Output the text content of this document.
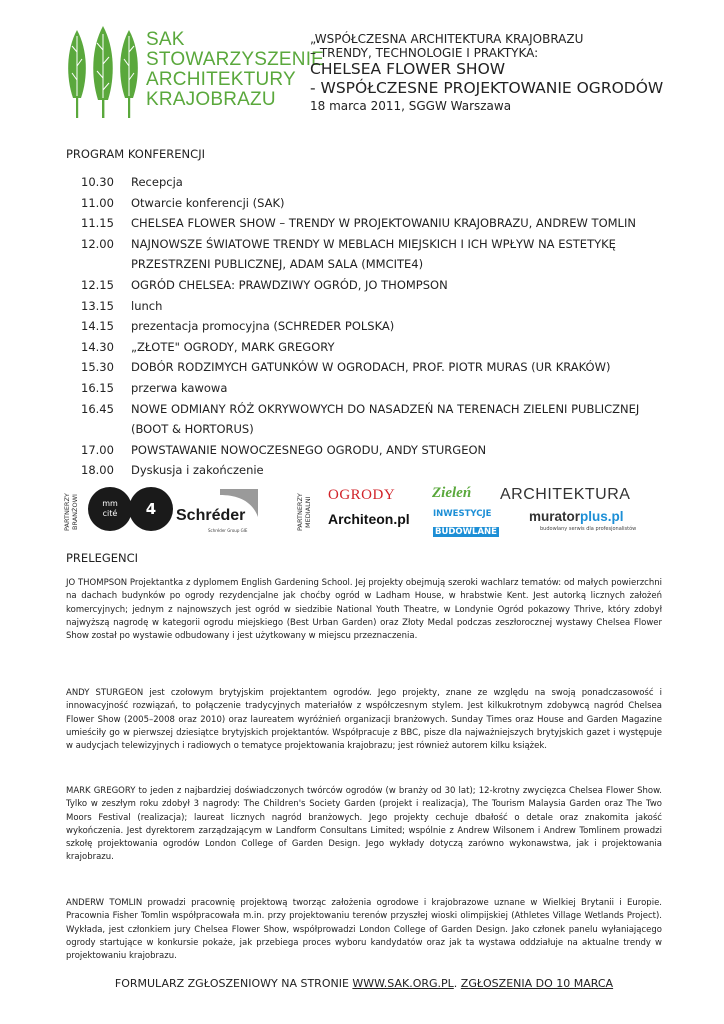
SAK
STOWARZYSZENIE
ARCHITEKTURY
KRAJOBRAZU
„WSPÓŁCZESNA ARCHITEKTURA KRAJOBRAZU
– TRENDY, TECHNOLOGIE I PRAKTYKA:
CHELSEA FLOWER SHOW
- WSPÓŁCZESNE PROJEKTOWANIE OGRODÓW
18 marca 2011, SGGW Warszawa
PROGRAM KONFERENCJI
10.30	Recepcja
11.00	Otwarcie konferencji (SAK)
11.15	CHELSEA FLOWER SHOW – TRENDY W PROJEKTOWANIU KRAJOBRAZU, ANDREW TOMLIN
12.00	NAJNOWSZE ŚWIATOWE TRENDY W MEBLACH MIEJSKICH I ICH WPŁYW NA ESTETYKĘ
PRZESTRZENI PUBLICZNEJ, ADAM SALA (MMCITE4)
12.15	OGRÓD CHELSEA: PRAWDZIWY OGRÓD, JO THOMPSON
13.15	lunch
14.15	prezentacja promocyjna (SCHREDER POLSKA)
14.30	„ZŁOTE" OGRODY, MARK GREGORY
15.30	DOBÓR RODZIMYCH GATUNKÓW W OGRODACH, PROF. PIOTR MURAS (UR KRAKÓW)
16.15	przerwa kawowa
16.45	NOWE ODMIANY RÓŻ OKRYWOWYCH DO NASADZEŃ NA TERENACH ZIELENI PUBLICZNEJ
(BOOT & HORTORUS)
17.00	POWSTAWANIE NOWOCZESNEGO OGRODU, ANDY STURGEON
18.00	Dyskusja i zakończenie
PARTNERZY BRANŻOWI	mm
cité	4	Schréder
Schréder Group GIE	PARTNERZY MEDIALNI
OGRODY
Architeon.pl
Zieleń
INWESTYCJE
BUDOWLANE
ARCHITEKTURA
muratorplus.pl
budowlany serwis dla profesjonalistów
PRELEGENCI
JO THOMPSON Projektantka z dyplomem English Gardening School. Jej projekty obejmują szeroki wachlarz tematów: od małych powierzchni na dachach budynków po ogrody rezydencjalne jak choćby ogród w Ladham House, w hrabstwie Kent. Jest autorką licznych założeń komercyjnych; jednym z najnowszych jest ogród w siedzibie National Youth Theatre, w Londynie Ogród pokazowy Thrive, który zdobył najwyższą nagrodę w kategorii ogrodu miejskiego (Best Urban Garden) oraz Złoty Medal podczas zeszłorocznej wystawy Chelsea Flower Show został po wystawie odbudowany i jest użytkowany w miejscu przeznaczenia.
ANDY STURGEON jest czołowym brytyjskim projektantem ogrodów. Jego projekty, znane ze względu na swoją ponadczasowość i innowacyjność rozwiązań, to połączenie tradycyjnych materiałów z współczesnym stylem. Jest kilkukrotnym zdobywcą nagród Chelsea Flower Show (2005–2008 oraz 2010) oraz laureatem wyróżnień organizacji branżowych. Sunday Times oraz House and Garden Magazine umieściły go w pierwszej dziesiątce brytyjskich projektantów. Współpracuje z BBC, pisze dla najważniejszych brytyjskich gazet i występuje w audycjach telewizyjnych i radiowych o tematyce projektowania krajobrazu; jest również autorem kilku książek.
MARK GREGORY to jeden z najbardziej doświadczonych twórców ogrodów (w branży od 30 lat); 12-krotny zwycięzca Chelsea Flower Show. Tylko w zeszłym roku zdobył 3 nagrody: The Children's Society Garden (projekt i realizacja), The Tourism Malaysia Garden oraz The Two Moors Festival (realizacja); laureat licznych nagród branżowych. Jego projekty cechuje dbałość o detale oraz znakomita jakość wykończenia. Jest dyrektorem zarządzającym w Landform Consultans Limited; wspólnie z Andrew Wilsonem i Andrew Tomlinem prowadzi szkołę projektowania ogrodów London College of Garden Design. Jego wykłady dotyczą zarówno wykonawstwa, jak i projektowania krajobrazu.
ANDERW TOMLIN prowadzi pracownię projektową tworząc założenia ogrodowe i krajobrazowe uznane w Wielkiej Brytanii i Europie. Pracownia Fisher Tomlin współpracowała m.in. przy projektowaniu terenów przyszłej wioski olimpijskiej (Athletes Village Wetlands Project). Wykłada, jest członkiem jury Chelsea Flower Show, współprowadzi London College of Garden Design. Jako członek panelu wyłaniającego ogrody startujące w konkursie pokaże, jak przebiega proces wyboru kandydatów oraz jak ta wystawa oddziałuje na aktualne trendy w projektowaniu krajobrazu.
FORMULARZ ZGŁOSZENIOWY NA STRONIE WWW.SAK.ORG.PL. ZGŁOSZENIA DO 10 MARCA
